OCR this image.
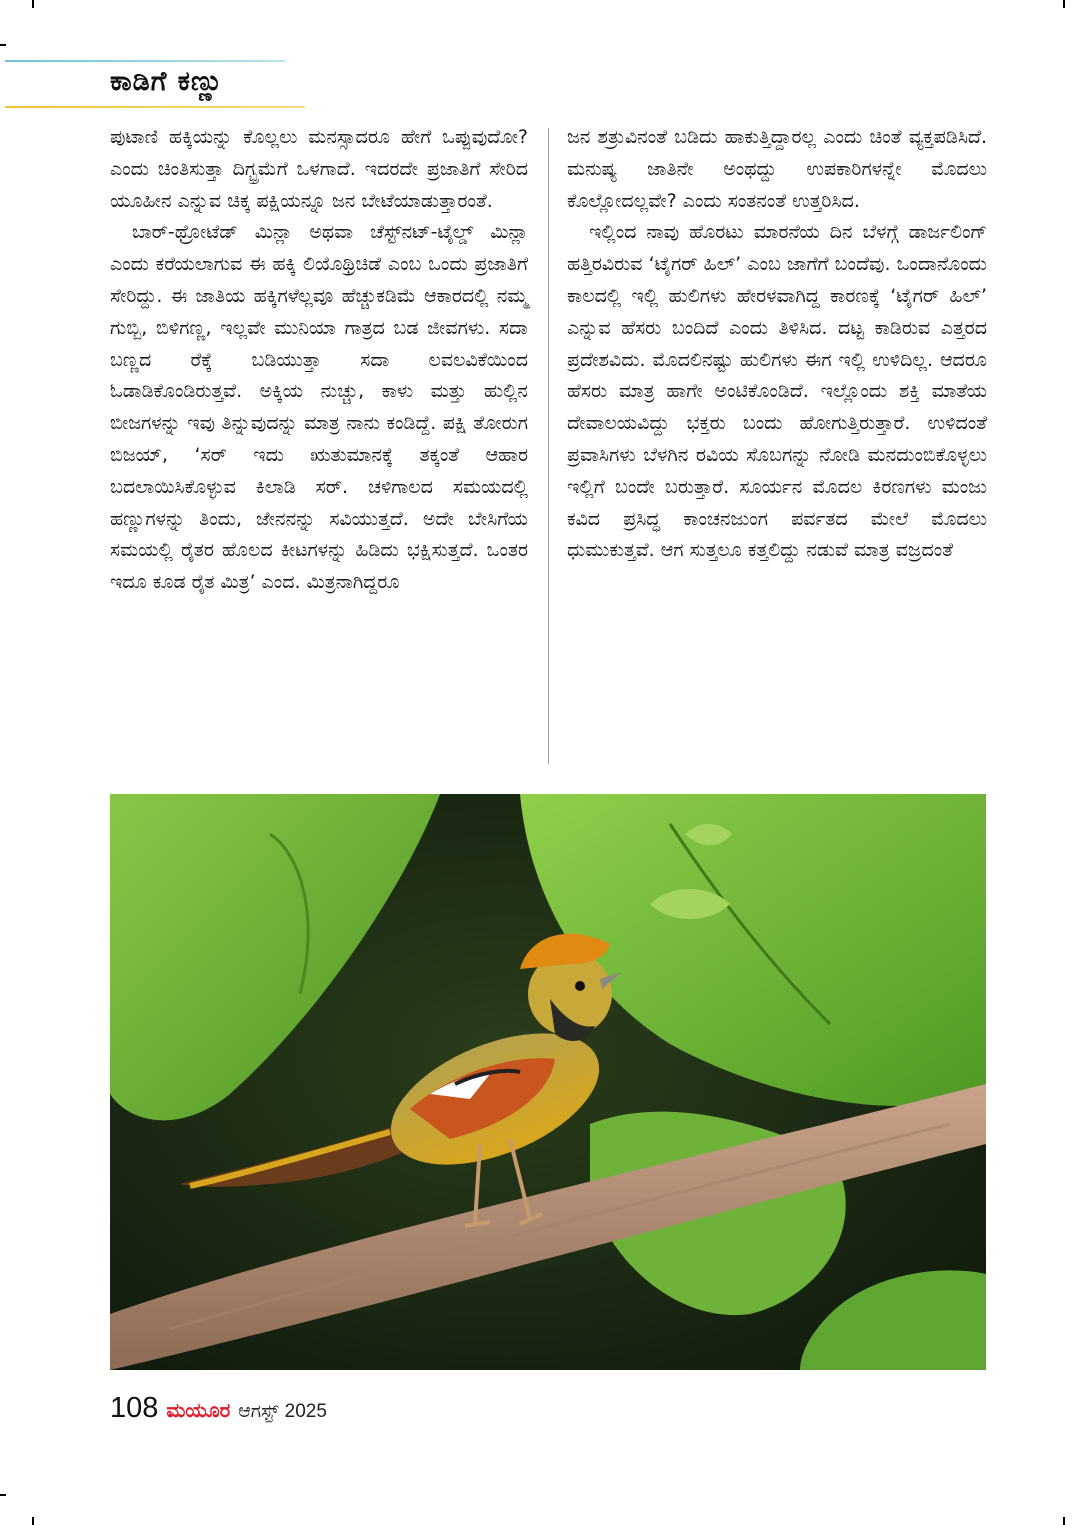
ಕಾಡಿಗೆ ಕಣ್ಣು

ಪುಟಾಣಿ ಹಕ್ಕಿಯನ್ನು ಕೊಲ್ಲಲು ಮನಸ್ಸಾದರೂ ಹೇಗೆ ಒಪ್ಪುವುದೋ? ಎಂದು ಚಿಂತಿಸುತ್ತಾ ದಿಗ್ಭ್ರಮೆಗೆ ಒಳಗಾದೆ. ಇದರದೇ ಪ್ರಜಾತಿಗೆ ಸೇರಿದ ಯೂಹೀನ ಎನ್ನುವ ಚಿಕ್ಕ ಪಕ್ಷಿಯನ್ನೂ ಜನ ಬೇಟೆಯಾಡುತ್ತಾರಂತೆ.

ಬಾರ್-ಥ್ರೋಟೆಡ್ ಮಿನ್ಲಾ ಅಥವಾ ಚೆಸ್ಟ್‌ನಟ್-ಟೈಲ್ಡ್ ಮಿನ್ಲಾ ಎಂದು ಕರೆಯಲಾಗುವ ಈ ಹಕ್ಕಿ ಲಿಯೊಥ್ರಿಚಿಡೆ ಎಂಬ ಒಂದು ಪ್ರಜಾತಿಗೆ ಸೇರಿದ್ದು. ಈ ಜಾತಿಯ ಹಕ್ಕಿಗಳೆಲ್ಲವೂ ಹೆಚ್ಚುಕಡಿಮೆ ಆಕಾರದಲ್ಲಿ ನಮ್ಮ ಗುಬ್ಬಿ, ಬಿಳಿಗಣ್ಣ, ಇಲ್ಲವೇ ಮುನಿಯಾ ಗಾತ್ರದ ಬಡ ಜೀವಗಳು. ಸದಾ ಬಣ್ಣದ ರೆಕ್ಕೆ ಬಡಿಯುತ್ತಾ ಸದಾ ಲವಲವಿಕೆಯಿಂದ ಓಡಾಡಿಕೊಂಡಿರುತ್ತವೆ. ಅಕ್ಕಿಯ ನುಚ್ಚು, ಕಾಳು ಮತ್ತು ಹುಲ್ಲಿನ ಬೀಜಗಳನ್ನು ಇವು ತಿನ್ನುವುದನ್ನು ಮಾತ್ರ ನಾನು ಕಂಡಿದ್ದೆ. ಪಕ್ಷಿ ತೋರುಗ ಬಿಜಯ್, ‘ಸರ್ ಇದು ಋತುಮಾನಕ್ಕೆ ತಕ್ಕಂತೆ ಆಹಾರ ಬದಲಾಯಿಸಿಕೊಳ್ಳುವ ಕಿಲಾಡಿ ಸರ್. ಚಳಿಗಾಲದ ಸಮಯದಲ್ಲಿ ಹಣ್ಣುಗಳನ್ನು ತಿಂದು, ಜೇನನನ್ನು ಸವಿಯುತ್ತದೆ. ಅದೇ ಬೇಸಿಗೆಯ ಸಮಯಲ್ಲಿ ರೈತರ ಹೊಲದ ಕೀಟಗಳನ್ನು ಹಿಡಿದು ಭಕ್ಷಿಸುತ್ತದೆ. ಒಂತರ ಇದೂ ಕೂಡ ರೈತ ಮಿತ್ರ’ ಎಂದ. ಮಿತ್ರನಾಗಿದ್ದರೂ

ಜನ ಶತ್ರುವಿನಂತೆ ಬಡಿದು ಹಾಕುತ್ತಿದ್ದಾರಲ್ಲ ಎಂದು ಚಿಂತೆ ವ್ಯಕ್ತಪಡಿಸಿದೆ. ಮನುಷ್ಯ ಜಾತಿನೇ ಅಂಥದ್ದು ಉಪಕಾರಿಗಳನ್ನೇ ಮೊದಲು ಕೊಲ್ಲೋದಲ್ಲವೇ? ಎಂದು ಸಂತನಂತೆ ಉತ್ತರಿಸಿದ.

ಇಲ್ಲಿಂದ ನಾವು ಹೊರಟು ಮಾರನೆಯ ದಿನ ಬೆಳಗ್ಗೆ ಡಾರ್ಜಲಿಂಗ್ ಹತ್ತಿರವಿರುವ ‘ಟೈಗರ್ ಹಿಲ್’ ಎಂಬ ಜಾಗೆಗೆ ಬಂದೆವು. ಒಂದಾನೊಂದು ಕಾಲದಲ್ಲಿ ಇಲ್ಲಿ ಹುಲಿಗಳು ಹೇರಳವಾಗಿದ್ದ ಕಾರಣಕ್ಕೆ ‘ಟೈಗರ್ ಹಿಲ್’ ಎನ್ನುವ ಹೆಸರು ಬಂದಿದೆ ಎಂದು ತಿಳಿಸಿದ. ದಟ್ಟ ಕಾಡಿರುವ ಎತ್ತರದ ಪ್ರದೇಶವಿದು. ಮೊದಲಿನಷ್ಟು ಹುಲಿಗಳು ಈಗ ಇಲ್ಲಿ ಉಳಿದಿಲ್ಲ. ಆದರೂ ಹೆಸರು ಮಾತ್ರ ಹಾಗೇ ಅಂಟಿಕೊಂಡಿದೆ. ಇಲ್ಲೊಂದು ಶಕ್ತಿ ಮಾತೆಯ ದೇವಾಲಯವಿದ್ದು ಭಕ್ತರು ಬಂದು ಹೋಗುತ್ತಿರುತ್ತಾರೆ. ಉಳಿದಂತೆ ಪ್ರವಾಸಿಗಳು ಬೆಳಗಿನ ರವಿಯ ಸೊಬಗನ್ನು ನೋಡಿ ಮನದುಂಬಿಕೊಳ್ಳಲು ಇಲ್ಲಿಗೆ ಬಂದೇ ಬರುತ್ತಾರೆ. ಸೂರ್ಯನ ಮೊದಲ ಕಿರಣಗಳು ಮಂಜು ಕವಿದ ಪ್ರಸಿದ್ಧ ಕಾಂಚನಜುಂಗ ಪರ್ವತದ ಮೇಲೆ ಮೊದಲು ಧುಮುಕುತ್ತವೆ. ಆಗ ಸುತ್ತಲೂ ಕತ್ತಲಿದ್ದು ನಡುವೆ ಮಾತ್ರ ವಜ್ರದಂತೆ

108 ಮಯೂರ ಆಗಸ್ಟ್ 2025
